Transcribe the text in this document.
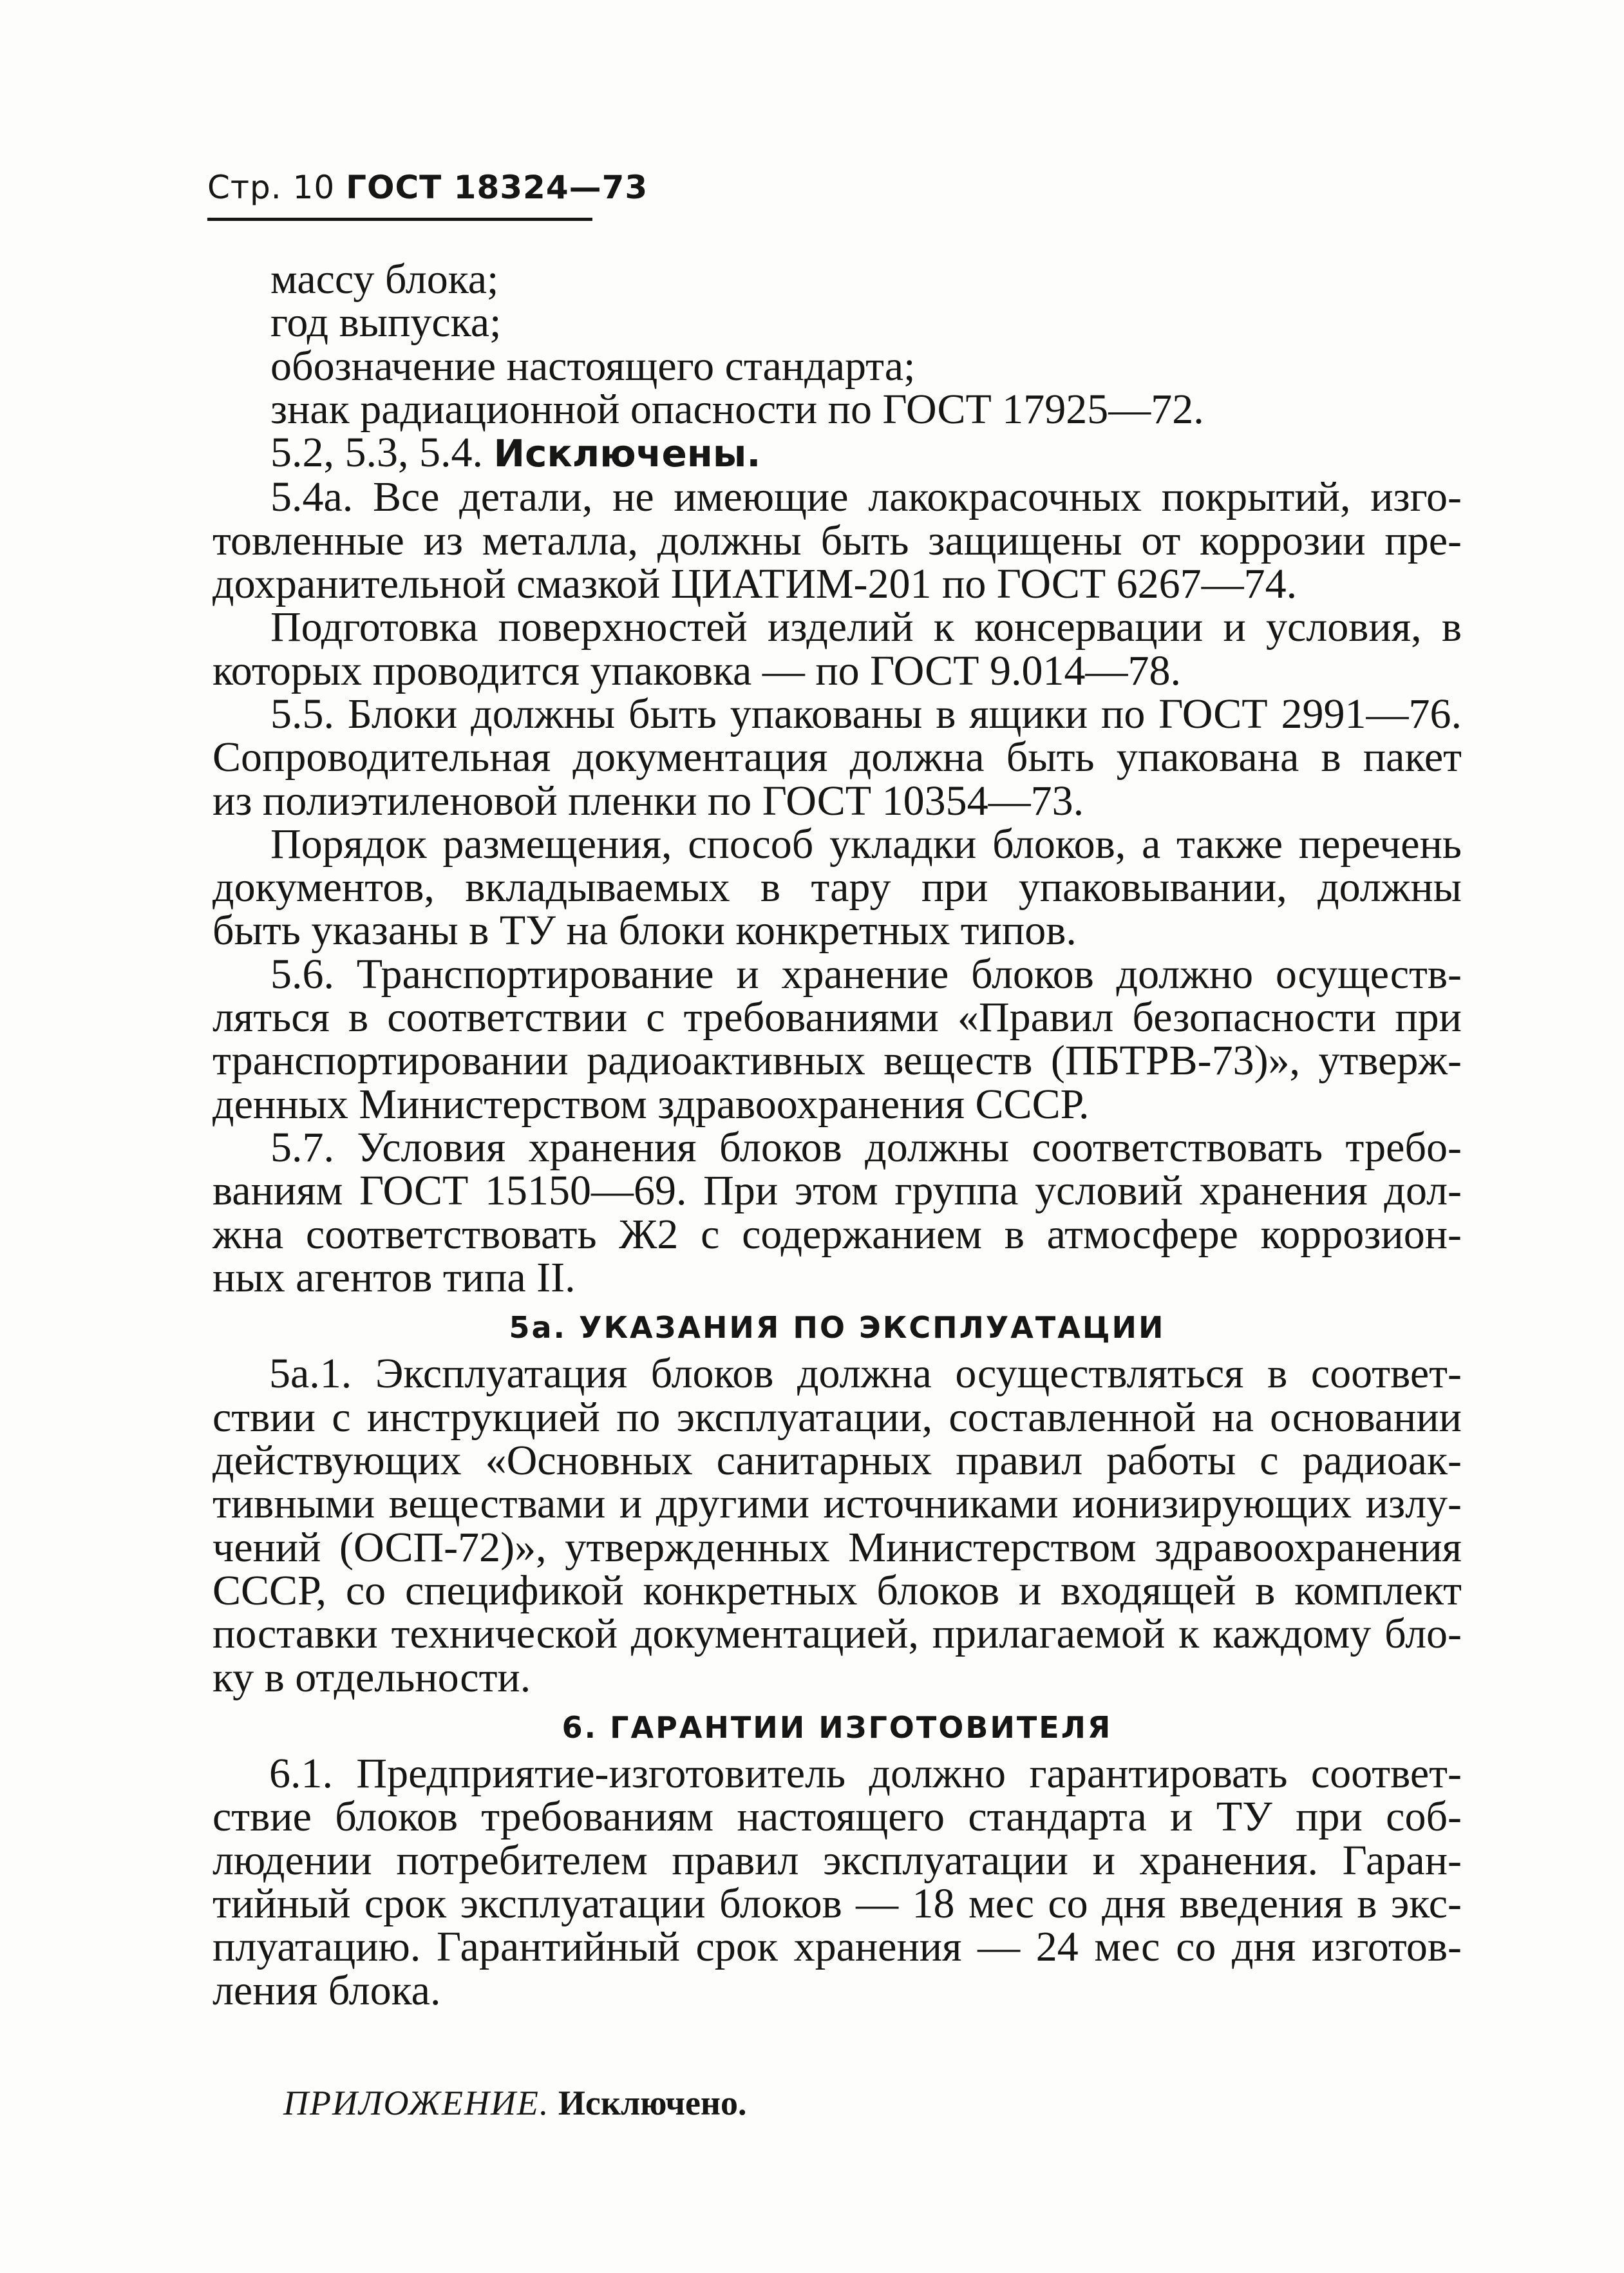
Стр. 10 ГОСТ 18324—73
массу блока;
год выпуска;
обозначение настоящего стандарта;
знак радиационной опасности по ГОСТ 17925—72.
5.2, 5.3, 5.4. Исключены.
5.4а. Все детали, не имеющие лакокрасочных покрытий, изго-
товленные из металла, должны быть защищены от коррозии пре-
дохранительной смазкой ЦИАТИМ-201 по ГОСТ 6267—74.
Подготовка поверхностей изделий к консервации и условия, в
которых проводится упаковка — по ГОСТ 9.014—78.
5.5. Блоки должны быть упакованы в ящики по ГОСТ 2991—76.
Сопроводительная документация должна быть упакована в пакет
из полиэтиленовой пленки по ГОСТ 10354—73.
Порядок размещения, способ укладки блоков, а также перечень
документов, вкладываемых в тару при упаковывании, должны
быть указаны в ТУ на блоки конкретных типов.
5.6. Транспортирование и хранение блоков должно осуществ-
ляться в соответствии с требованиями «Правил безопасности при
транспортировании радиоактивных веществ (ПБТРВ-73)», утверж-
денных Министерством здравоохранения СССР.
5.7. Условия хранения блоков должны соответствовать требо-
ваниям ГОСТ 15150—69. При этом группа условий хранения дол-
жна соответствовать Ж2 с содержанием в атмосфере коррозион-
ных агентов типа II.
5а. УКАЗАНИЯ ПО ЭКСПЛУАТАЦИИ
5а.1. Эксплуатация блоков должна осуществляться в соответ-
ствии с инструкцией по эксплуатации, составленной на основании
действующих «Основных санитарных правил работы с радиоак-
тивными веществами и другими источниками ионизирующих излу-
чений (ОСП-72)», утвержденных Министерством здравоохранения
СССР, со спецификой конкретных блоков и входящей в комплект
поставки технической документацией, прилагаемой к каждому бло-
ку в отдельности.
6. ГАРАНТИИ ИЗГОТОВИТЕЛЯ
6.1. Предприятие-изготовитель должно гарантировать соответ-
ствие блоков требованиям настоящего стандарта и ТУ при соб-
людении потребителем правил эксплуатации и хранения. Гаран-
тийный срок эксплуатации блоков — 18 мес со дня введения в экс-
плуатацию. Гарантийный срок хранения — 24 мес со дня изготов-
ления блока.
ПРИЛОЖЕНИЕ. Исключено.
